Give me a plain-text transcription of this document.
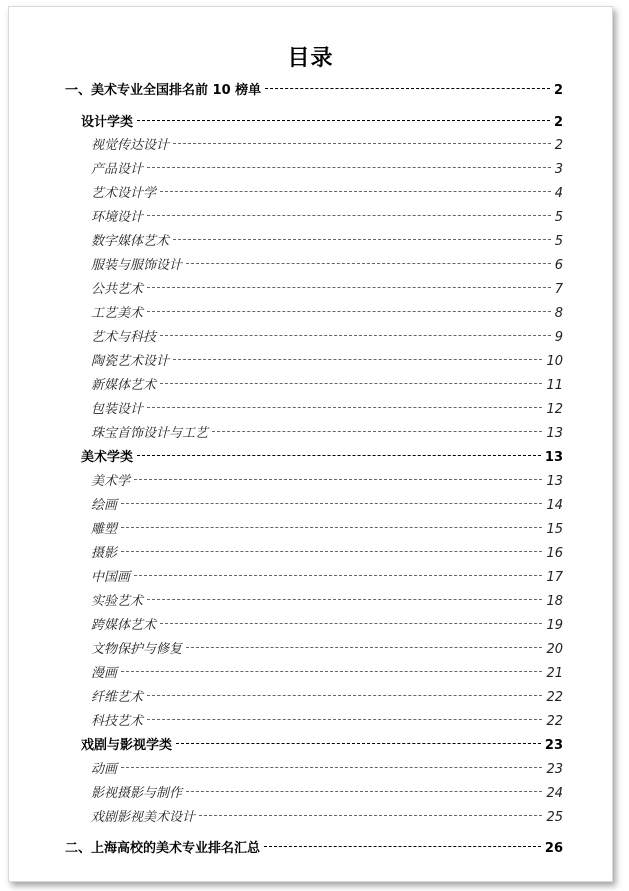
目录
一、美术专业全国排名前 10 榜单	2
设计学类	2
视觉传达设计	2
产品设计	3
艺术设计学	4
环境设计	5
数字媒体艺术	5
服装与服饰设计	6
公共艺术	7
工艺美术	8
艺术与科技	9
陶瓷艺术设计	10
新媒体艺术	11
包装设计	12
珠宝首饰设计与工艺	13
美术学类	13
美术学	13
绘画	14
雕塑	15
摄影	16
中国画	17
实验艺术	18
跨媒体艺术	19
文物保护与修复	20
漫画	21
纤维艺术	22
科技艺术	22
戏剧与影视学类	23
动画	23
影视摄影与制作	24
戏剧影视美术设计	25
二、上海高校的美术专业排名汇总	26
